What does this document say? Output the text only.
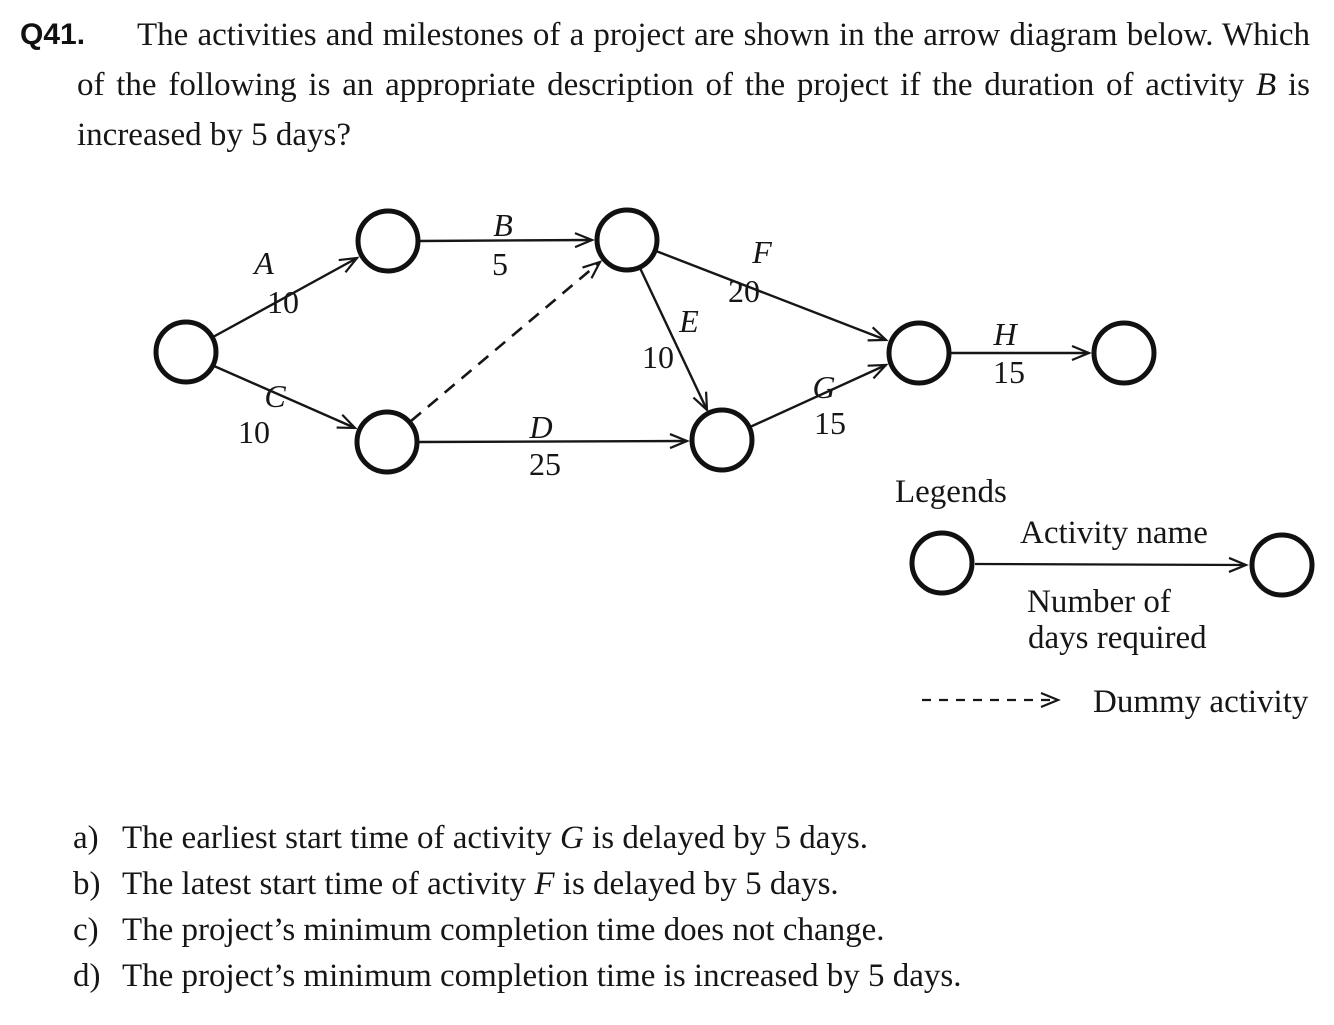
Q41.	The activities and milestones of a project are shown in the arrow diagram below. Which
of the following is an appropriate description of the project if the duration of activity B is
increased by 5 days?
A
10
B
5
C
10	D
25
E
10
F
20
G
15
H
15
Legends
Activity name
Number of
days required
Dummy activity
a) The earliest start time of activity G is delayed by 5 days.
b) The latest start time of activity F is delayed by 5 days.
c) The project’s minimum completion time does not change.
d) The project’s minimum completion time is increased by 5 days.
